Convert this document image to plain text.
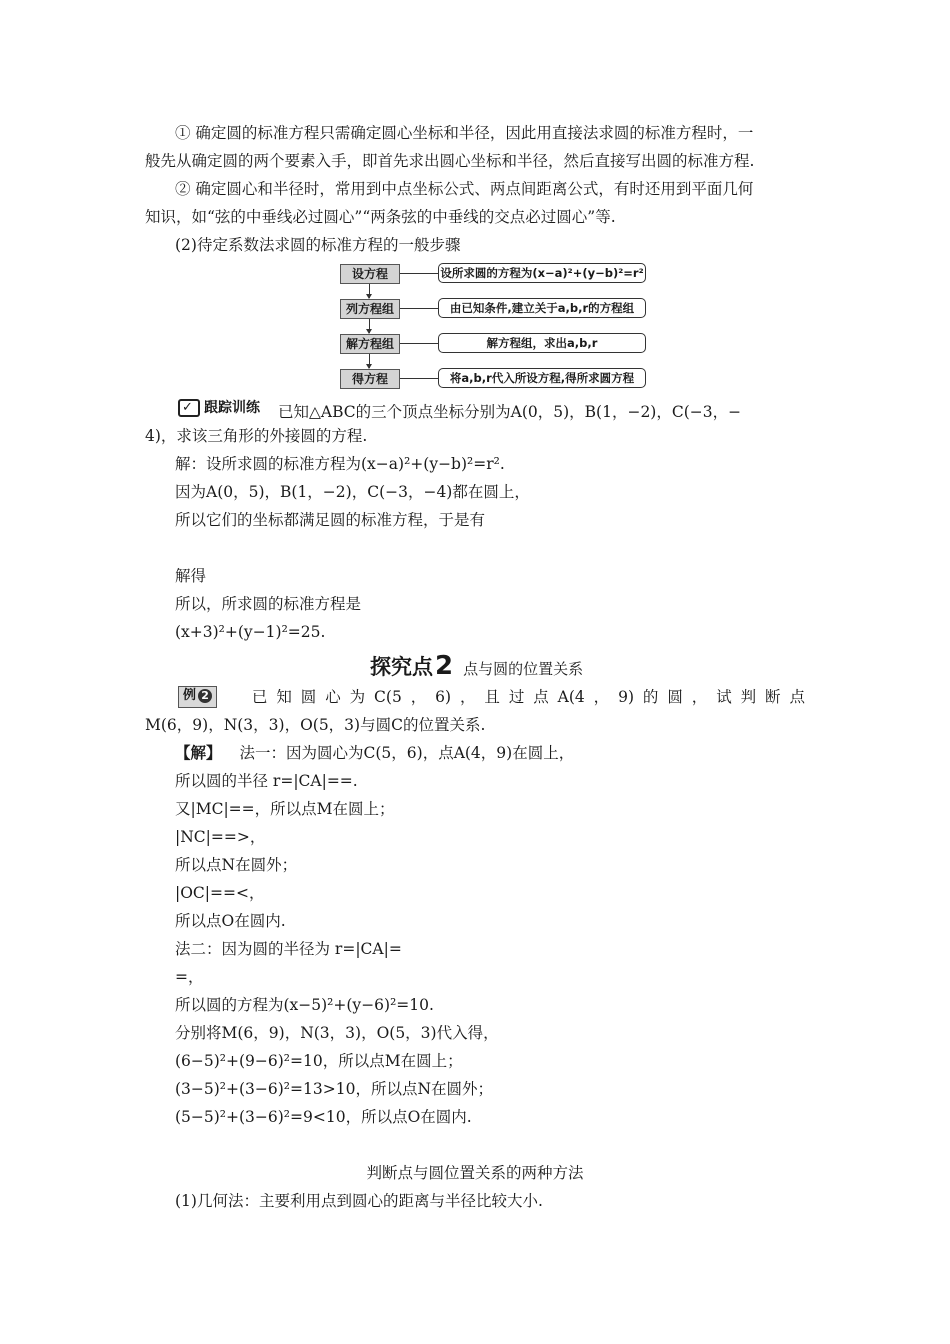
① 确定圆的标准方程只需确定圆心坐标和半径，因此用直接法求圆的标准方程时，一
般先从确定圆的两个要素入手，即首先求出圆心坐标和半径，然后直接写出圆的标准方程.
② 确定圆心和半径时，常用到中点坐标公式、两点间距离公式，有时还用到平面几何
知识，如“弦的中垂线必过圆心”“两条弦的中垂线的交点必过圆心”等.
(2)待定系数法求圆的标准方程的一般步骤
设方程	设所求圆的方程为(x−a)²+(y−b)²=r²
列方程组	由已知条件,建立关于a,b,r的方程组
解方程组	解方程组，求出a,b,r
得方程	将a,b,r代入所设方程,得所求圆方程
✓
跟踪训练 已知△ABC的三个顶点坐标分别为A(0，5)，B(1，−2)，C(−3，−
4)，求该三角形的外接圆的方程.
解：设所求圆的标准方程为(x−a)²+(y−b)²=r².
因为A(0，5)，B(1，−2)，C(−3，−4)都在圆上，
所以它们的坐标都满足圆的标准方程，于是有
解得
所以，所求圆的标准方程是
(x+3)²+(y−1)²=25.
探究点2 点与圆的位置关系
例 2	已 知 圆 心 为 C(5 ， 6) ， 且 过 点 A(4 ， 9) 的 圆 ， 试 判 断 点
M(6，9)，N(3，3)，O(5，3)与圆C的位置关系.
【解】 法一：因为圆心为C(5，6)，点A(4，9)在圆上，
所以圆的半径 r=|CA|==.
又|MC|==，所以点M在圆上；
|NC|==>，
所以点N在圆外；
|OC|==<，
所以点O在圆内.
法二：因为圆的半径为 r=|CA|=
=，
所以圆的方程为(x−5)²+(y−6)²=10.
分别将M(6，9)，N(3，3)，O(5，3)代入得，
(6−5)²+(9−6)²=10，所以点M在圆上；
(3−5)²+(3−6)²=13>10，所以点N在圆外；
(5−5)²+(3−6)²=9<10，所以点O在圆内.
判断点与圆位置关系的两种方法
(1)几何法：主要利用点到圆心的距离与半径比较大小.
